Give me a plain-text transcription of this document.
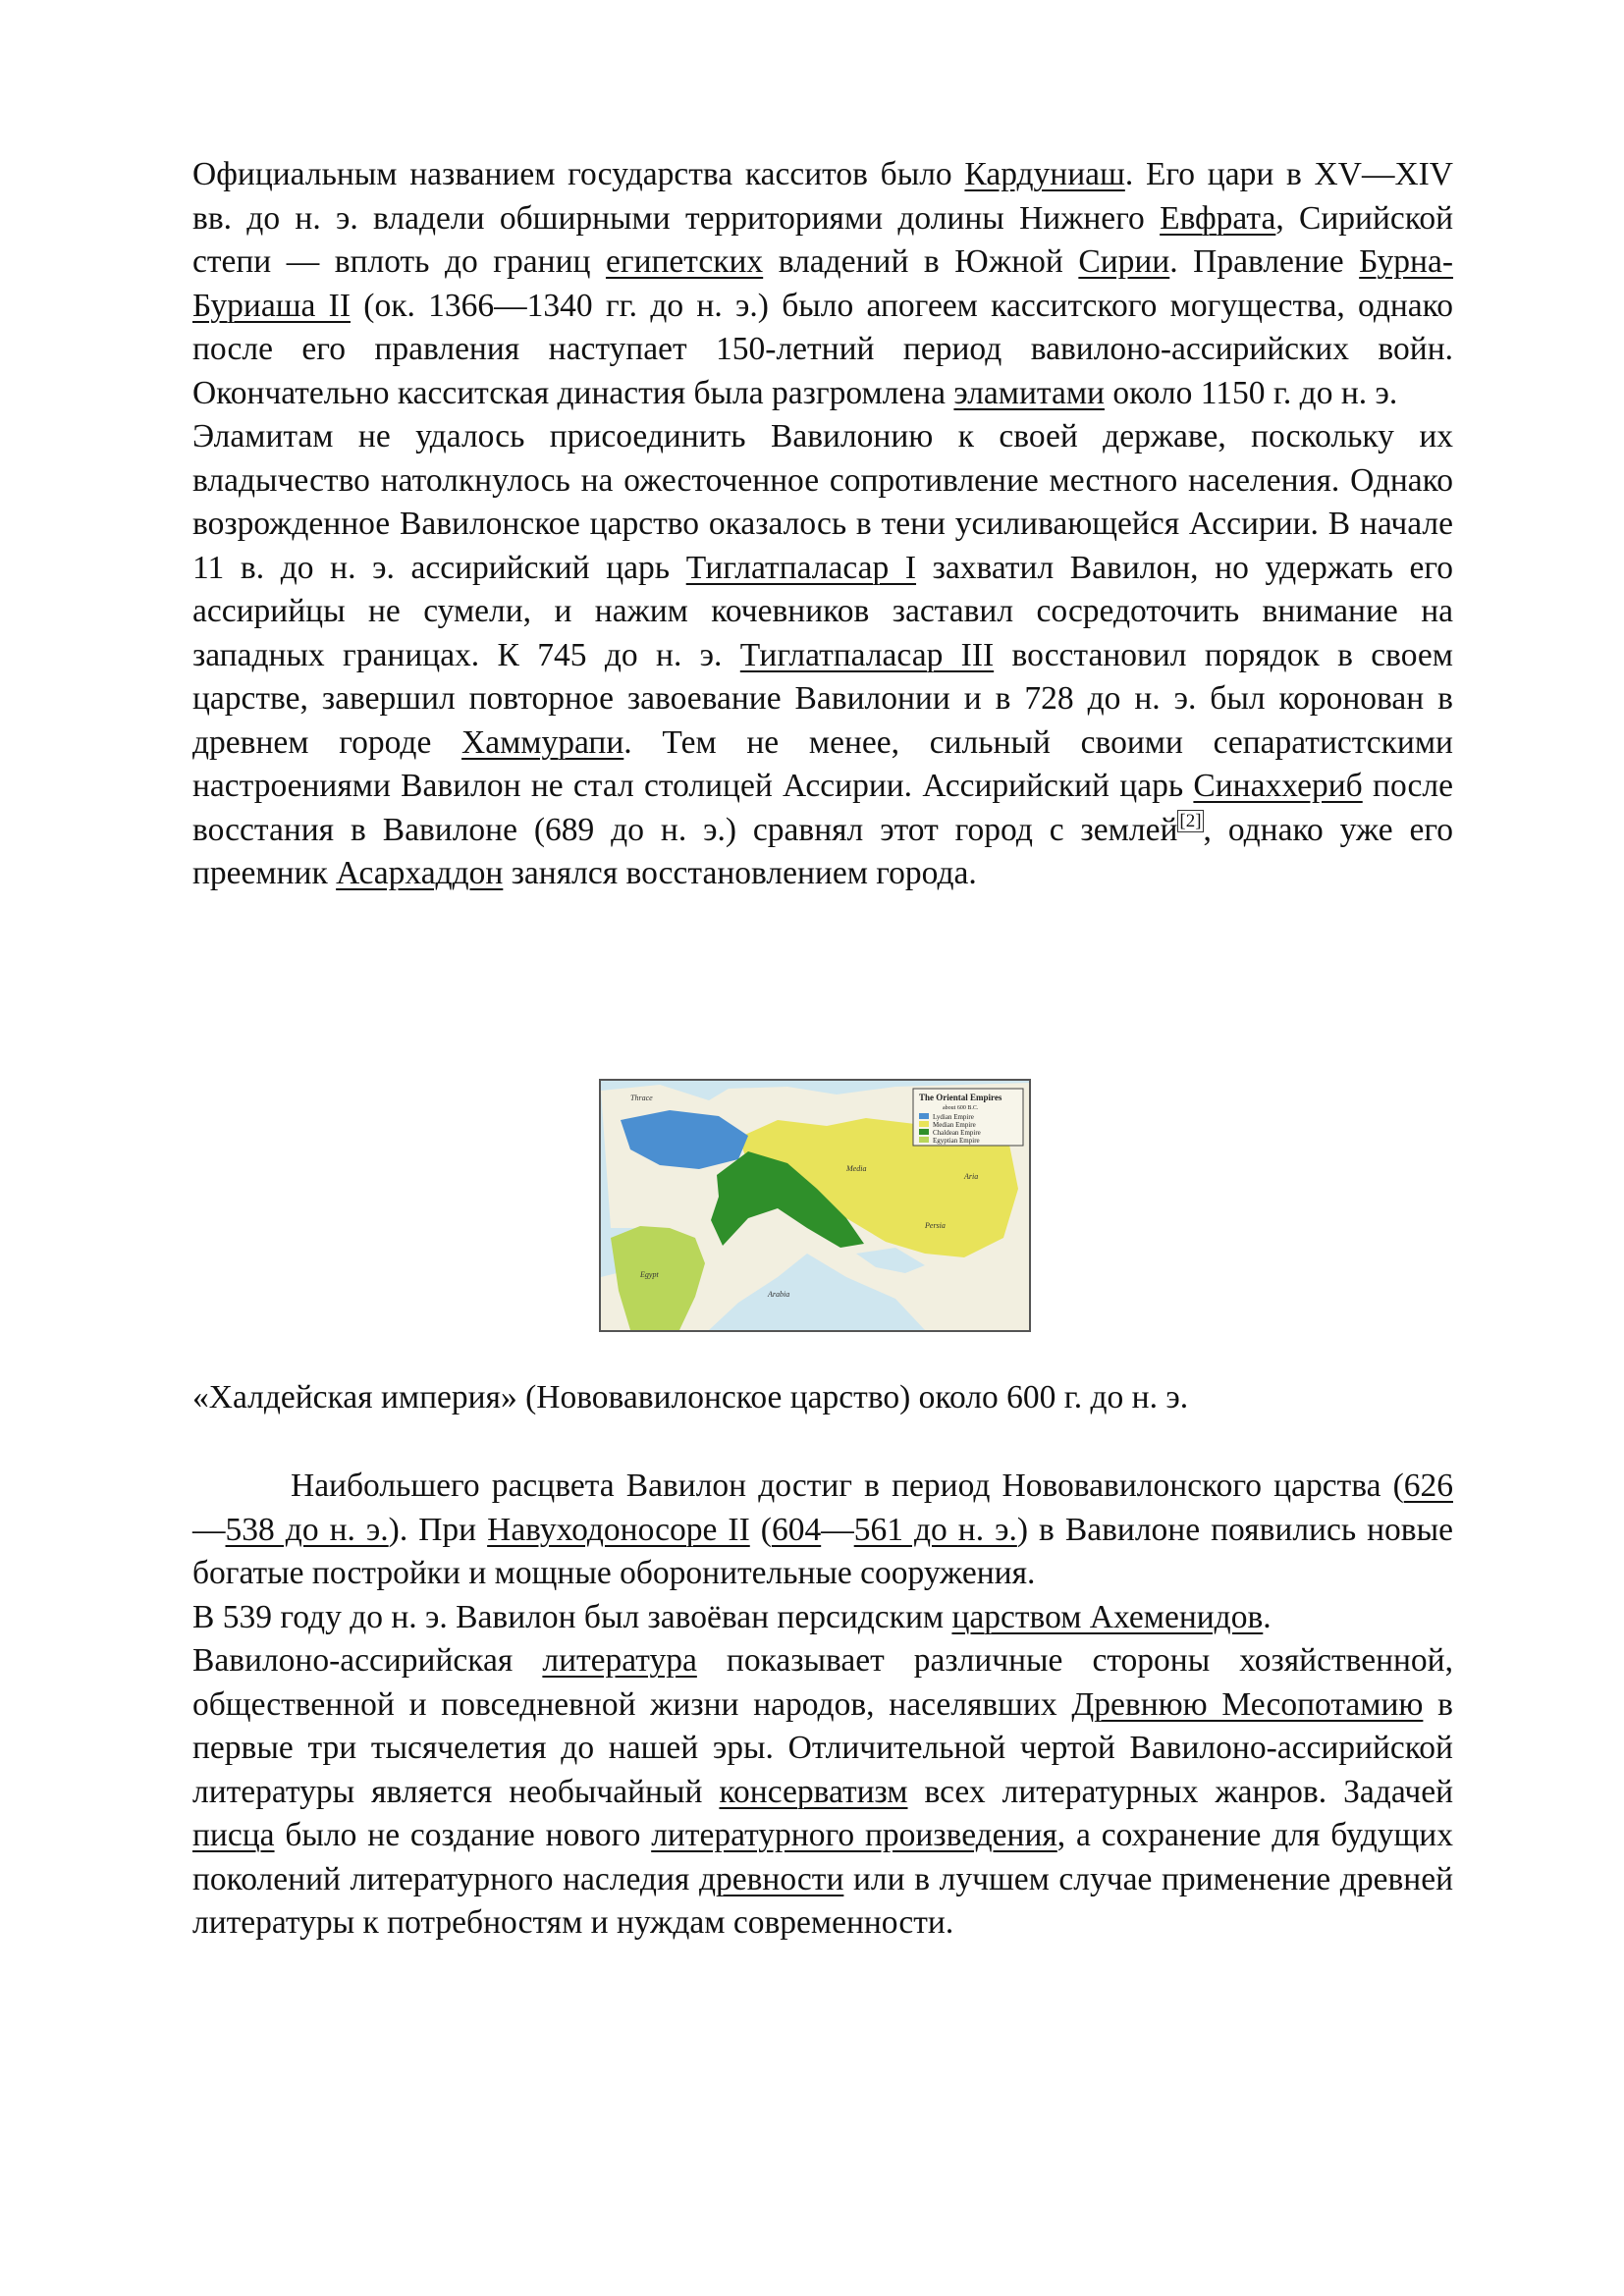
Официальным названием государства касситов было Кардуниаш. Его цари в XV—XIV вв. до н. э. владели обширными территориями долины Нижнего Евфрата, Сирийской степи — вплоть до границ египетских владений в Южной Сирии. Правление Бурна-Буриаша II (ок. 1366—1340 гг. до н. э.) было апогеем касситского могущества, однако после его правления наступает 150-летний период вавилоно-ассирийских войн. Окончательно касситская династия была разгромлена эламитами около 1150 г. до н. э.

Эламитам не удалось присоединить Вавилонию к своей державе, поскольку их владычество натолкнулось на ожесточенное сопротивление местного населения. Однако возрожденное Вавилонское царство оказалось в тени усиливающейся Ассирии. В начале 11 в. до н. э. ассирийский царь Тиглатпаласар I захватил Вавилон, но удержать его ассирийцы не сумели, и нажим кочевников заставил сосредоточить внимание на западных границах. К 745 до н. э. Тиглатпаласар III восстановил порядок в своем царстве, завершил повторное завоевание Вавилонии и в 728 до н. э. был коронован в древнем городе Хаммурапи. Тем не менее, сильный своими сепаратистскими настроениями Вавилон не стал столицей Ассирии. Ассирийский царь Синаххериб после восстания в Вавилоне (689 до н. э.) сравнял этот город с землей [2], однако уже его преемник Асархаддон занялся восстановлением города.

The Oriental Empires
about 600 B.C.
Lydian Empire
Median Empire
Chaldean Empire
Egyptian Empire
Thrace
Persia
Arabia
Egypt
Aria
Media
«Халдейская империя» (Нововавилонское царство) около 600 г. до н. э.

Наибольшего расцвета Вавилон достиг в период Нововавилонского царства (626—538 до н. э.). При Навуходоносоре II (604—561 до н. э.) в Вавилоне появились новые богатые постройки и мощные оборонительные сооружения.

В 539 году до н. э. Вавилон был завоёван персидским царством Ахеменидов.

Вавилоно-ассирийская литература показывает различные стороны хозяйственной, общественной и повседневной жизни народов, населявших Древнюю Месопотамию в первые три тысячелетия до нашей эры. Отличительной чертой Вавилоно-ассирийской литературы является необычайный консерватизм всех литературных жанров. Задачей писца было не создание нового литературного произведения, а сохранение для будущих поколений литературного наследия древности или в лучшем случае применение древней литературы к потребностям и нуждам современности.
